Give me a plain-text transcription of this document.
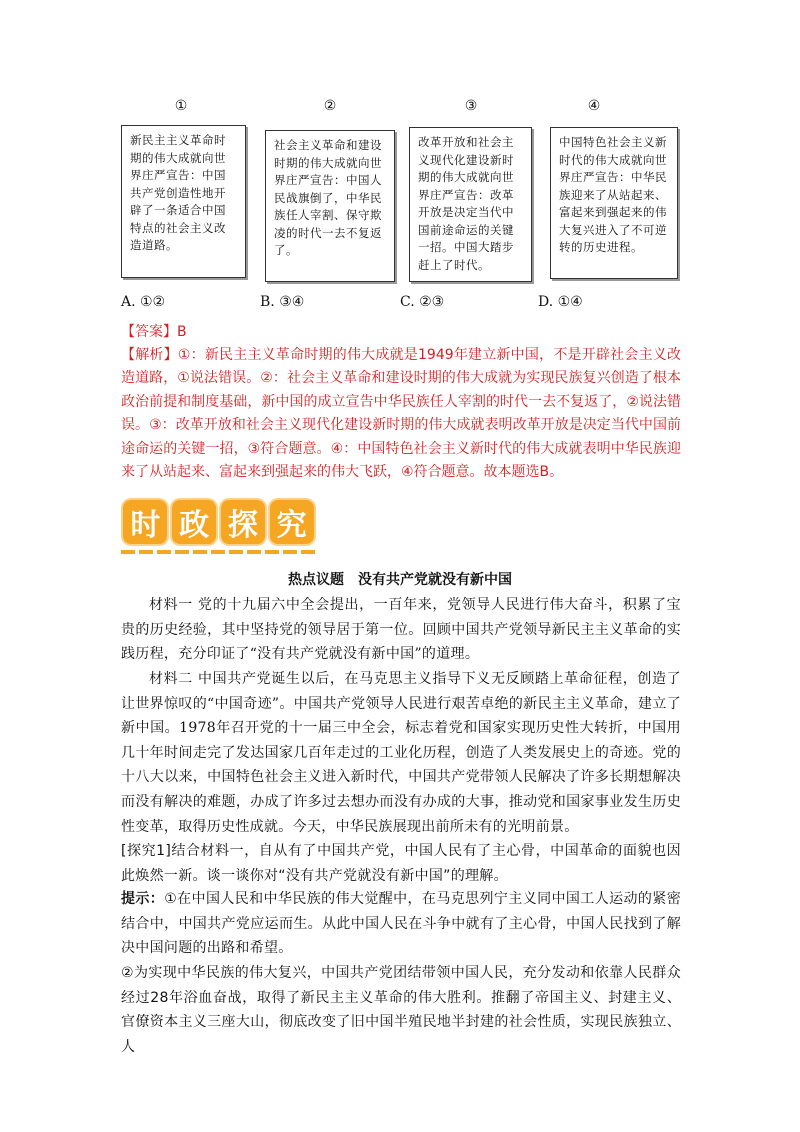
①	②	③	④
新民主主义革命时期的伟大成就向世界庄严宣告：中国共产党创造性地开辟了一条适合中国特点的社会主义改造道路。
社会主义革命和建设时期的伟大成就向世界庄严宣告：中国人民战旗倒了，中华民族任人宰割、保守欺凌的时代一去不复返了。
改革开放和社会主义现代化建设新时期的伟大成就向世界庄严宣告：改革开放是决定当代中国前途命运的关键一招。中国大踏步赶上了时代。
中国特色社会主义新时代的伟大成就向世界庄严宣告：中华民族迎来了从站起来、富起来到强起来的伟大复兴进入了不可逆转的历史进程。
A. ①②	B. ③④	C. ②③	D. ①④
【答案】B
【解析】①：新民主主义革命时期的伟大成就是1949年建立新中国，不是开辟社会主义改造道路，①说法错误。②：社会主义革命和建设时期的伟大成就为实现民族复兴创造了根本政治前提和制度基础，新中国的成立宣告中华民族任人宰割的时代一去不复返了，②说法错误。③：改革开放和社会主义现代化建设新时期的伟大成就表明改革开放是决定当代中国前途命运的关键一招，③符合题意。④：中国特色社会主义新时代的伟大成就表明中华民族迎来了从站起来、富起来到强起来的伟大飞跃，④符合题意。故本题选B。
时 政 探 究
热点议题　没有共产党就没有新中国
材料一 党的十九届六中全会提出，一百年来，党领导人民进行伟大奋斗，积累了宝贵的历史经验，其中坚持党的领导居于第一位。回顾中国共产党领导新民主主义革命的实践历程，充分印证了“没有共产党就没有新中国”的道理。
材料二 中国共产党诞生以后，在马克思主义指导下义无反顾踏上革命征程，创造了让世界惊叹的“中国奇迹”。中国共产党领导人民进行艰苦卓绝的新民主主义革命，建立了新中国。1978年召开党的十一届三中全会，标志着党和国家实现历史性大转折，中国用几十年时间走完了发达国家几百年走过的工业化历程，创造了人类发展史上的奇迹。党的十八大以来，中国特色社会主义进入新时代，中国共产党带领人民解决了许多长期想解决而没有解决的难题，办成了许多过去想办而没有办成的大事，推动党和国家事业发生历史性变革，取得历史性成就。今天，中华民族展现出前所未有的光明前景。
[探究1]结合材料一，自从有了中国共产党，中国人民有了主心骨，中国革命的面貌也因此焕然一新。谈一谈你对“没有共产党就没有新中国”的理解。
提示：①在中国人民和中华民族的伟大觉醒中，在马克思列宁主义同中国工人运动的紧密结合中，中国共产党应运而生。从此中国人民在斗争中就有了主心骨，中国人民找到了解决中国问题的出路和希望。
②为实现中华民族的伟大复兴，中国共产党团结带领中国人民，充分发动和依靠人民群众经过28年浴血奋战，取得了新民主主义革命的伟大胜利。推翻了帝国主义、封建主义、官僚资本主义三座大山，彻底改变了旧中国半殖民地半封建的社会性质，实现民族独立、人
